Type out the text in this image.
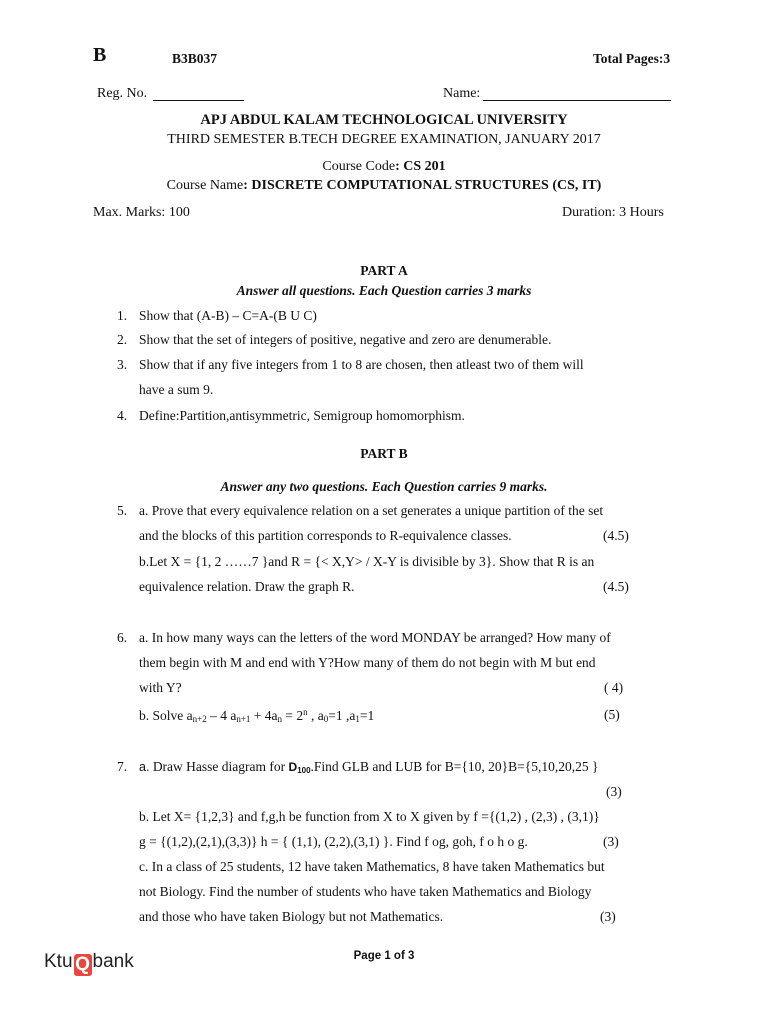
B	B3B037	Total Pages:3
Reg. No.	Name:
APJ ABDUL KALAM TECHNOLOGICAL UNIVERSITY
THIRD SEMESTER B.TECH DEGREE EXAMINATION, JANUARY 2017
Course Code: CS 201
Course Name: DISCRETE COMPUTATIONAL STRUCTURES (CS, IT)
Max. Marks: 100	Duration: 3 Hours
PART A
Answer all questions. Each Question carries 3 marks
1. Show that (A-B) – C=A-(B U C)
2. Show that the set of integers of positive, negative and zero are denumerable.
3. Show that if any five integers from 1 to 8 are chosen, then atleast two of them will
have a sum 9.
4. Define:Partition,antisymmetric, Semigroup homomorphism.
PART B
Answer any two questions. Each Question carries 9 marks.
5. a. Prove that every equivalence relation on a set generates a unique partition of the set
and the blocks of this partition corresponds to R-equivalence classes.	(4.5)
b.Let X = {1, 2 ……7 }and R = {< X,Y> / X-Y is divisible by 3}. Show that R is an
equivalence relation. Draw the graph R.	(4.5)
6. a. In how many ways can the letters of the word MONDAY be arranged? How many of
them begin with M and end with Y?How many of them do not begin with M but end
with Y?	( 4)
b. Solve $a_{n+2} - 4$ $a_{n+1} + 4a_n = 2^n$ , $a_0=1$ $,a_1=1$	(5)
7. a. Draw Hasse diagram for $D_{100}.Find$ GLB and LUB for B={10, 20}B={5,10,20,25 }
(3)
b. Let X= {1,2,3} and f,g,h be function from X to X given by f ={(1,2) , (2,3) , (3,1)}
g = {(1,2),(2,1),(3,3)} h = { (1,1), (2,2),(3,1) }. Find f og, goh, f o h o g.	(3)
c. In a class of 25 students, 12 have taken Mathematics, 8 have taken Mathematics but
not Biology. Find the number of students who have taken Mathematics and Biology
and those who have taken Biology but not Mathematics.	(3)
Ktu Q bank	Page 1 of 3
